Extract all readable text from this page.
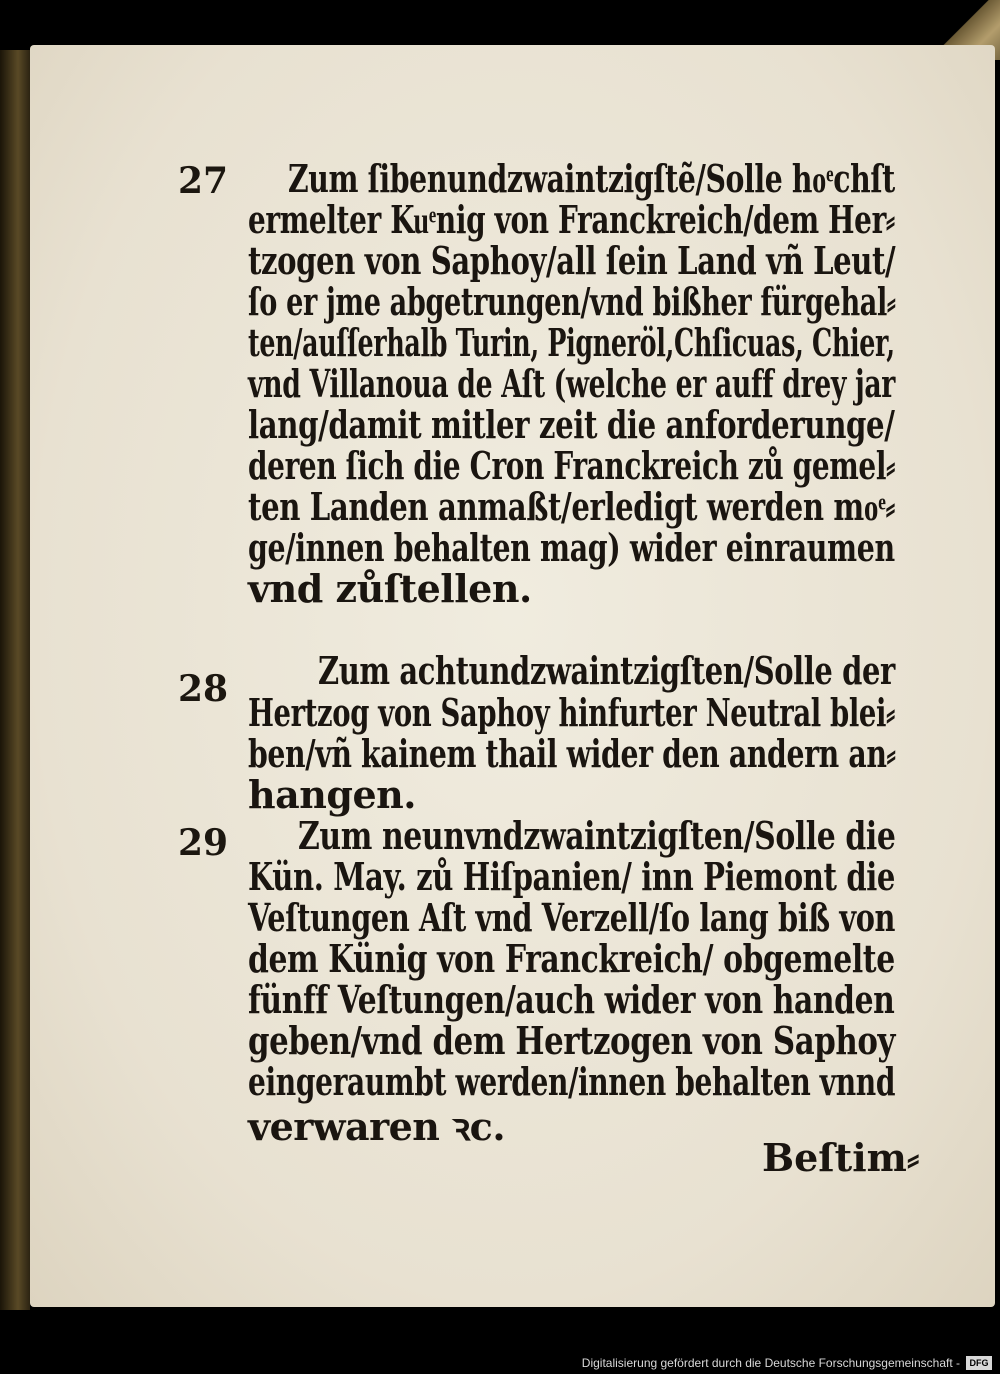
27 Zum ſibenundzwaintzigſtẽ/Solle hoͤchſt
ermelter Kuͤnig von Franckreich/dem Her⸗
tzogen von Saphoy/all ſein Land vñ Leut/
ſo er jme abgetrungen/vnd bißher fürgehal⸗
ten/auſſerhalb Turin, Pigneröl,Chſicuas, Chier,
vnd Villanoua de Aſt (welche er auff drey jar
lang/damit mitler zeit die anforderunge/
deren ſich die Cron Franckreich zů gemel⸗
ten Landen anmaßt/erledigt werden moͤ⸗
ge/innen behalten mag) wider einraumen
vnd zůſtellen.
28 Zum achtundzwaintzigſten/Solle der
Hertzog von Saphoy hinfurter Neutral blei⸗
ben/vñ kainem thail wider den andern an⸗
hangen.
29 Zum neunvndzwaintzigſten/Solle die
Kün. May. zů Hiſpanien/ inn Piemont die
Veſtungen Aſt vnd Verzell/ſo lang biß von
dem Künig von Franckreich/ obgemelte
fünff Veſtungen/auch wider von handen
geben/vnd dem Hertzogen von Saphoy
eingeraumbt werden/innen behalten vnnd
verwaren ꝛc.
Beſtim⸗
Digitalisierung gefördert durch die Deutsche Forschungsgemeinschaft -	DFG
